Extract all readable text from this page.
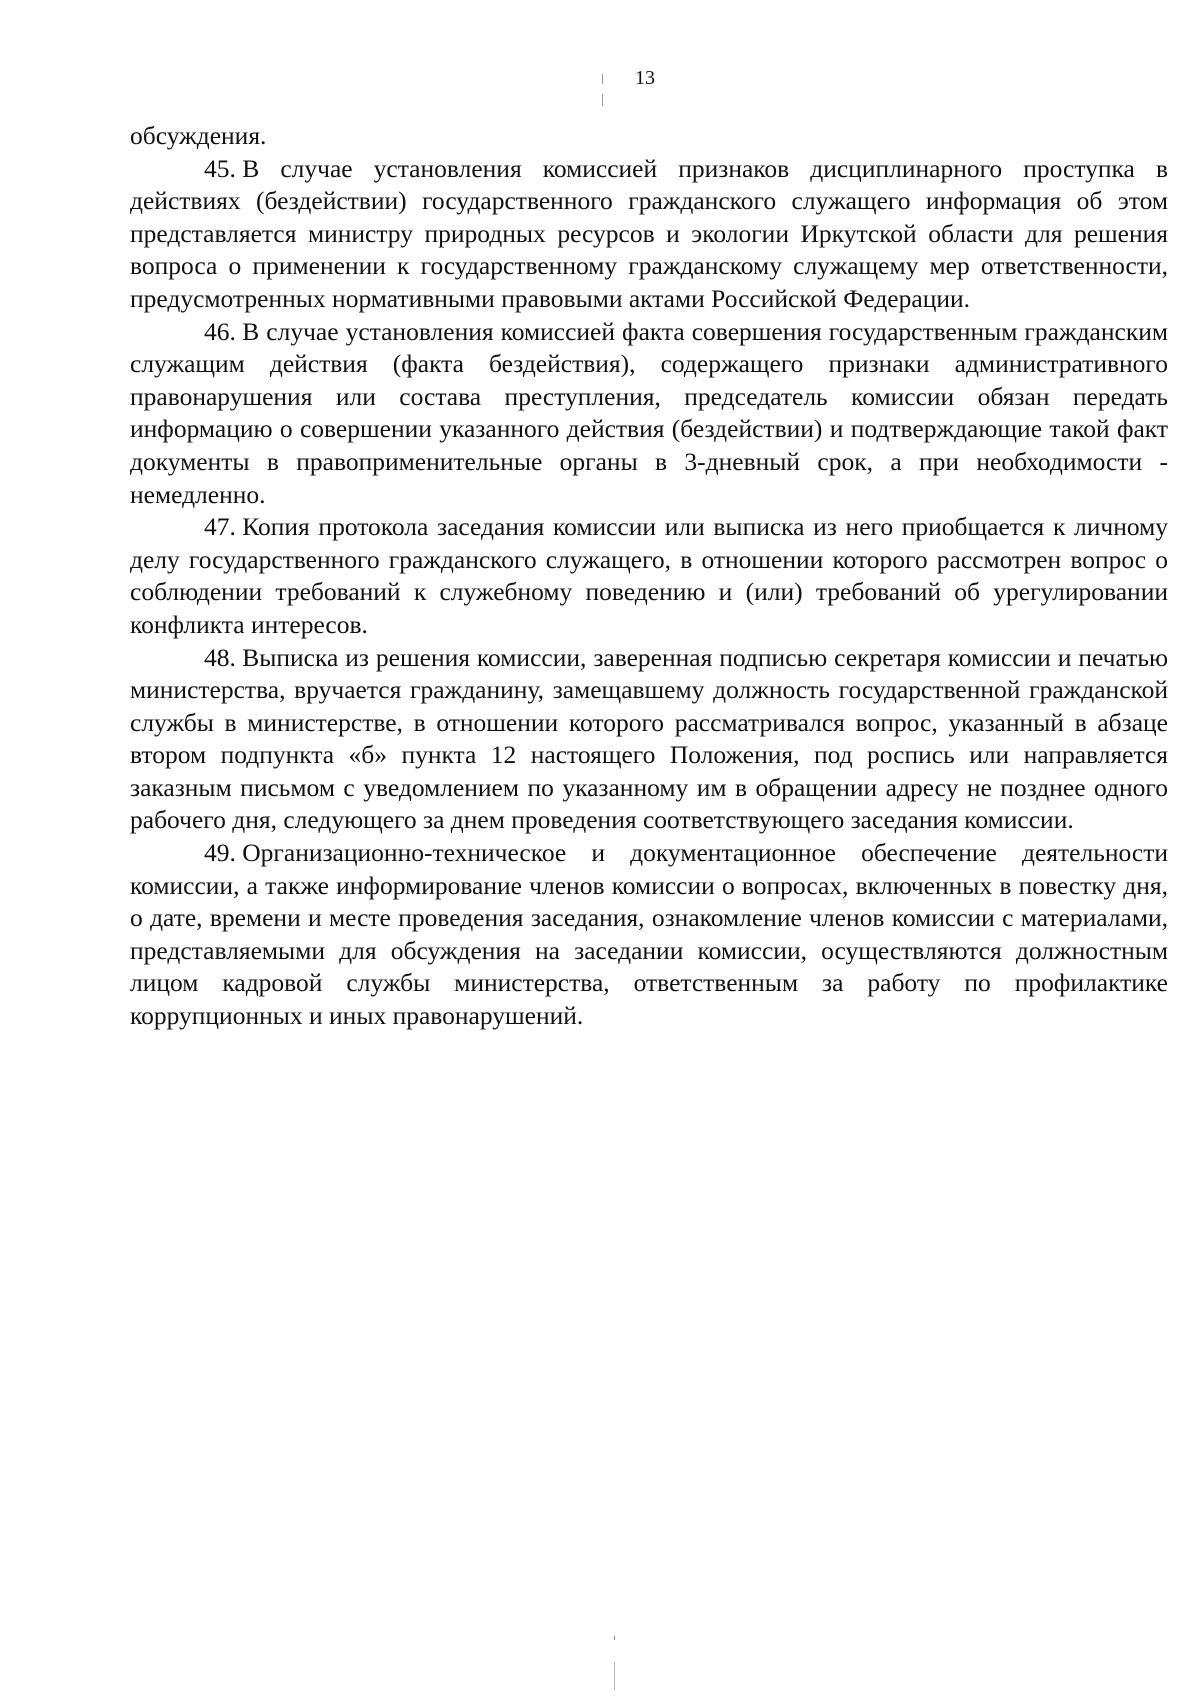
13

обсуждения.

45. В случае установления комиссией признаков дисциплинарного проступка в действиях (бездействии) государственного гражданского служащего информация об этом представляется министру природных ресурсов и экологии Иркутской области для решения вопроса о применении к государственному гражданскому служащему мер ответственности, предусмотренных нормативными правовыми актами Российской Федерации.

46. В случае установления комиссией факта совершения государственным гражданским служащим действия (факта бездействия), содержащего признаки административного правонарушения или состава преступления, председатель комиссии обязан передать информацию о совершении указанного действия (бездействии) и подтверждающие такой факт документы в правоприменительные органы в 3-дневный срок, а при необходимости - немедленно.

47. Копия протокола заседания комиссии или выписка из него приобщается к личному делу государственного гражданского служащего, в отношении которого рассмотрен вопрос о соблюдении требований к служебному поведению и (или) требований об урегулировании конфликта интересов.

48. Выписка из решения комиссии, заверенная подписью секретаря комиссии и печатью министерства, вручается гражданину, замещавшему должность государственной гражданской службы в министерстве, в отношении которого рассматривался вопрос, указанный в абзаце втором подпункта «б» пункта 12 настоящего Положения, под роспись или направляется заказным письмом с уведомлением по указанному им в обращении адресу не позднее одного рабочего дня, следующего за днем проведения соответствующего заседания комиссии.

49. Организационно-техническое и документационное обеспечение деятельности комиссии, а также информирование членов комиссии о вопросах, включенных в повестку дня, о дате, времени и месте проведения заседания, ознакомление членов комиссии с материалами, представляемыми для обсуждения на заседании комиссии, осуществляются должностным лицом кадровой службы министерства, ответственным за работу по профилактике коррупционных и иных правонарушений.
